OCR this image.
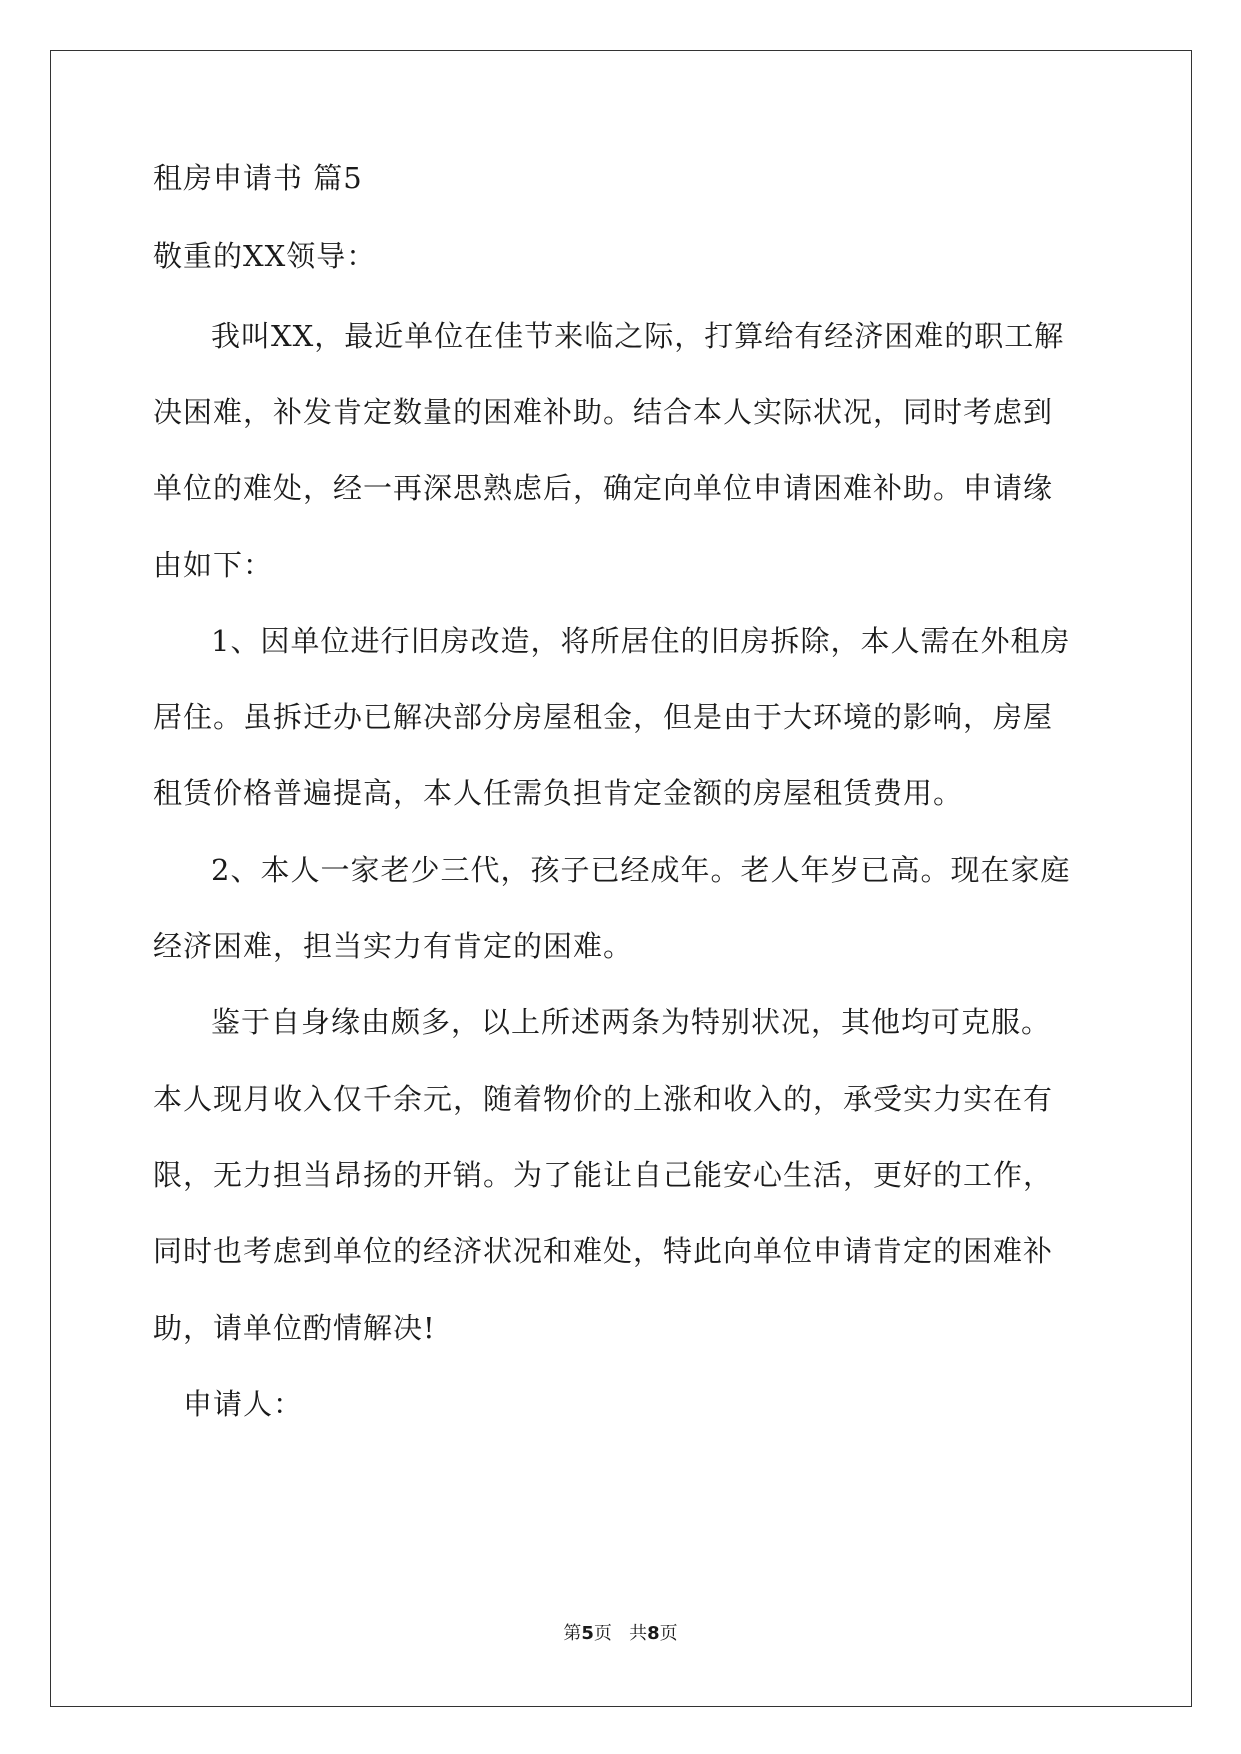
租房申请书 篇5
敬重的XX领导：
我叫XX，最近单位在佳节来临之际，打算给有经济困难的职工解
决困难，补发肯定数量的困难补助。结合本人实际状况，同时考虑到
单位的难处，经一再深思熟虑后，确定向单位申请困难补助。申请缘
由如下：
1、因单位进行旧房改造，将所居住的旧房拆除，本人需在外租房
居住。虽拆迁办已解决部分房屋租金，但是由于大环境的影响，房屋
租赁价格普遍提高，本人任需负担肯定金额的房屋租赁费用。
2、本人一家老少三代，孩子已经成年。老人年岁已高。现在家庭
经济困难，担当实力有肯定的困难。
鉴于自身缘由颇多，以上所述两条为特别状况，其他均可克服。
本人现月收入仅千余元，随着物价的上涨和收入的，承受实力实在有
限，无力担当昂扬的开销。为了能让自己能安心生活，更好的工作，
同时也考虑到单位的经济状况和难处，特此向单位申请肯定的困难补
助，请单位酌情解决!
申请人：
第5页   共8页
